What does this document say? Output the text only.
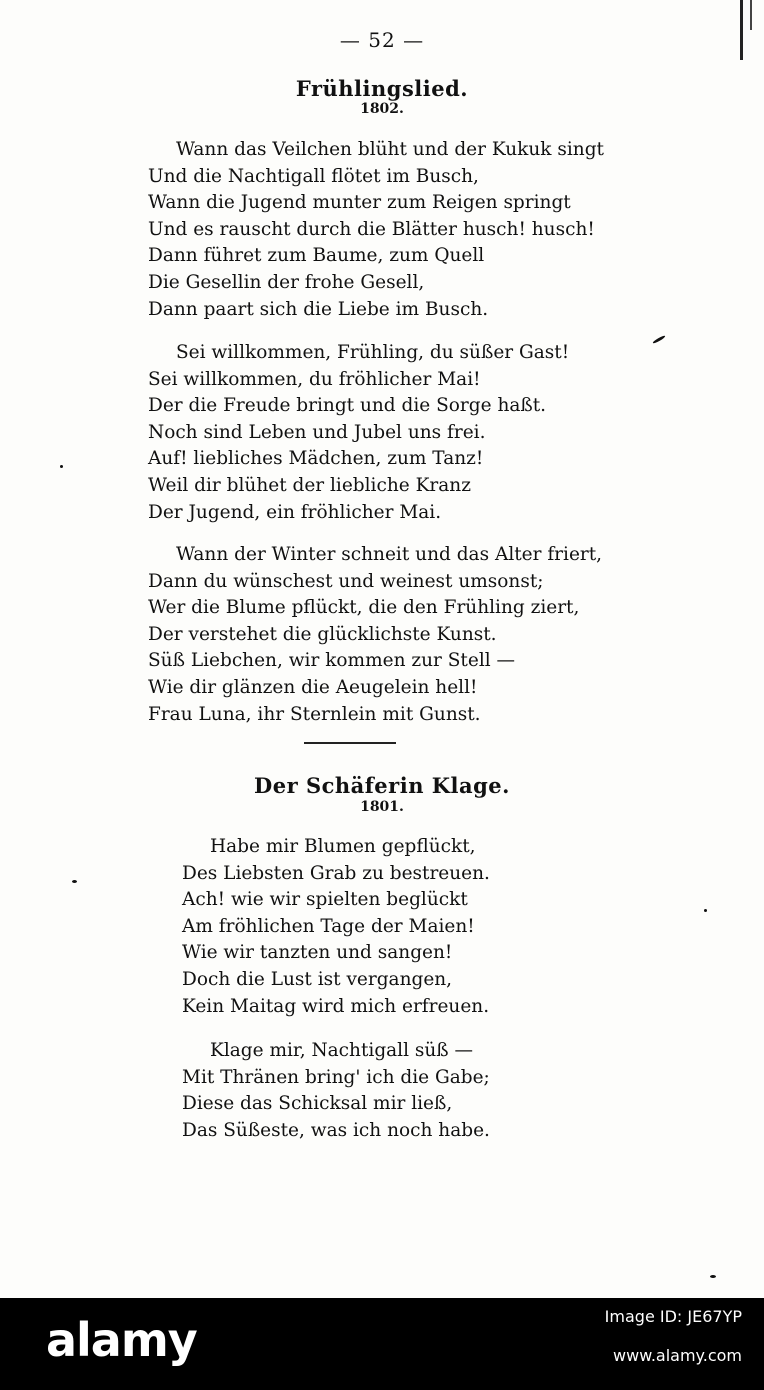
— 52 —
Frühlingslied.
1802.
Wann das Veilchen blüht und der Kukuk singt
Und die Nachtigall flötet im Busch,
Wann die Jugend munter zum Reigen springt
Und es rauscht durch die Blätter husch! husch!
Dann führet zum Baume, zum Quell
Die Gesellin der frohe Gesell,
Dann paart sich die Liebe im Busch.
Sei willkommen, Frühling, du süßer Gast!
Sei willkommen, du fröhlicher Mai!
Der die Freude bringt und die Sorge haßt.
Noch sind Leben und Jubel uns frei.
Auf! liebliches Mädchen, zum Tanz!
Weil dir blühet der liebliche Kranz
Der Jugend, ein fröhlicher Mai.
Wann der Winter schneit und das Alter friert,
Dann du wünschest und weinest umsonst;
Wer die Blume pflückt, die den Frühling ziert,
Der verstehet die glücklichste Kunst.
Süß Liebchen, wir kommen zur Stell —
Wie dir glänzen die Aeugelein hell!
Frau Luna, ihr Sternlein mit Gunst.
Der Schäferin Klage.
1801.
Habe mir Blumen gepflückt,
Des Liebsten Grab zu bestreuen.
Ach! wie wir spielten beglückt
Am fröhlichen Tage der Maien!
Wie wir tanzten und sangen!
Doch die Lust ist vergangen,
Kein Maitag wird mich erfreuen.
Klage mir, Nachtigall süß —
Mit Thränen bring' ich die Gabe;
Diese das Schicksal mir ließ,
Das Süßeste, was ich noch habe.
alamy	Image ID: JE67YP
www.alamy.com
